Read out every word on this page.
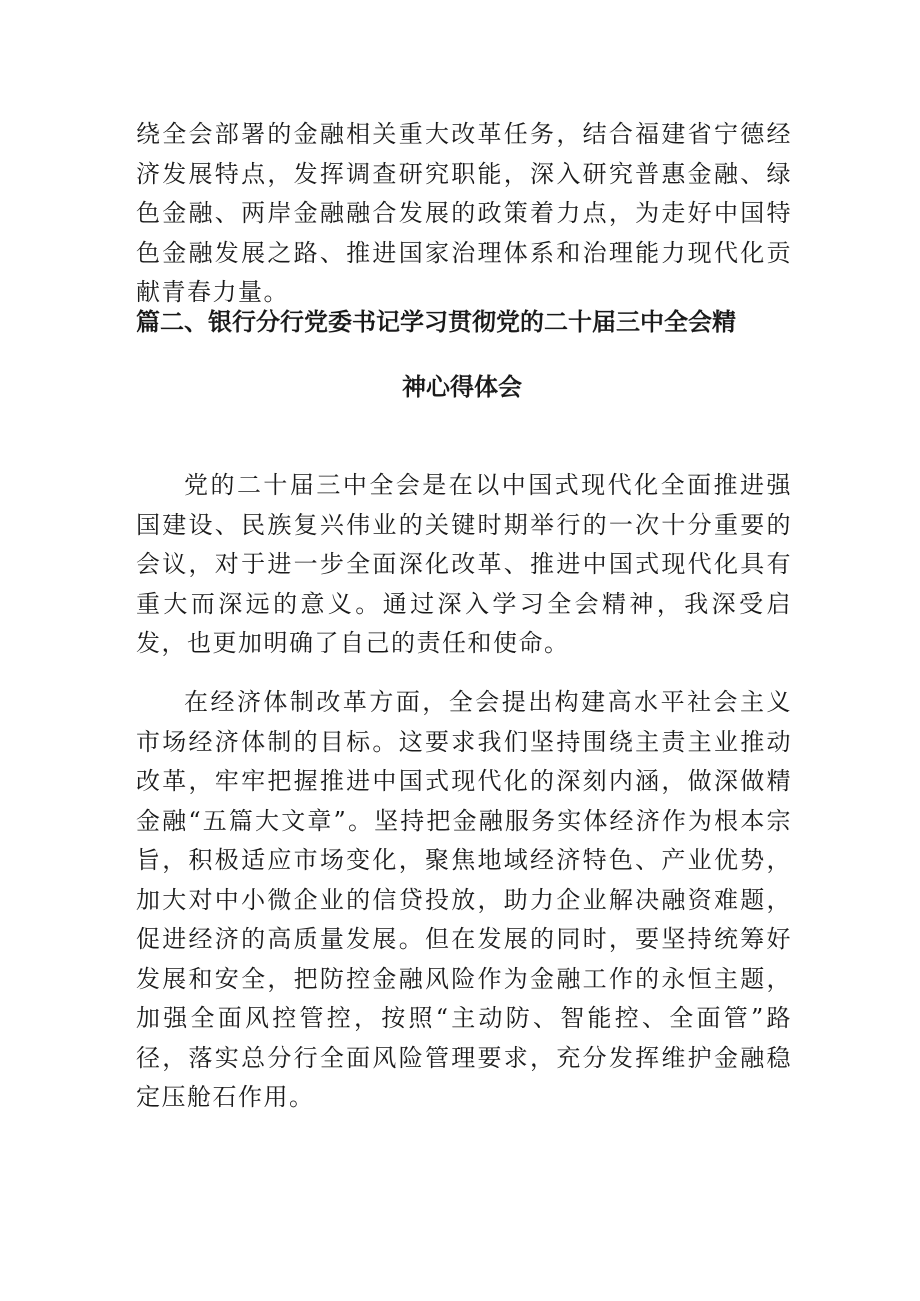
绕全会部署的金融相关重大改革任务，结合福建省宁德经济发展特点，发挥调查研究职能，深入研究普惠金融、绿色金融、两岸金融融合发展的政策着力点，为走好中国特色金融发展之路、推进国家治理体系和治理能力现代化贡献青春力量。

篇二、银行分行党委书记学习贯彻党的二十届三中全会精
神心得体会

党的二十届三中全会是在以中国式现代化全面推进强国建设、民族复兴伟业的关键时期举行的一次十分重要的会议，对于进一步全面深化改革、推进中国式现代化具有重大而深远的意义。通过深入学习全会精神，我深受启发，也更加明确了自己的责任和使命。

在经济体制改革方面，全会提出构建高水平社会主义市场经济体制的目标。这要求我们坚持围绕主责主业推动改革，牢牢把握推进中国式现代化的深刻内涵，做深做精金融“五篇大文章”。坚持把金融服务实体经济作为根本宗旨，积极适应市场变化，聚焦地域经济特色、产业优势，加大对中小微企业的信贷投放，助力企业解决融资难题，促进经济的高质量发展。但在发展的同时，要坚持统筹好发展和安全，把防控金融风险作为金融工作的永恒主题，加强全面风控管控，按照“主动防、智能控、全面管”路径，落实总分行全面风险管理要求，充分发挥维护金融稳定压舱石作用。
